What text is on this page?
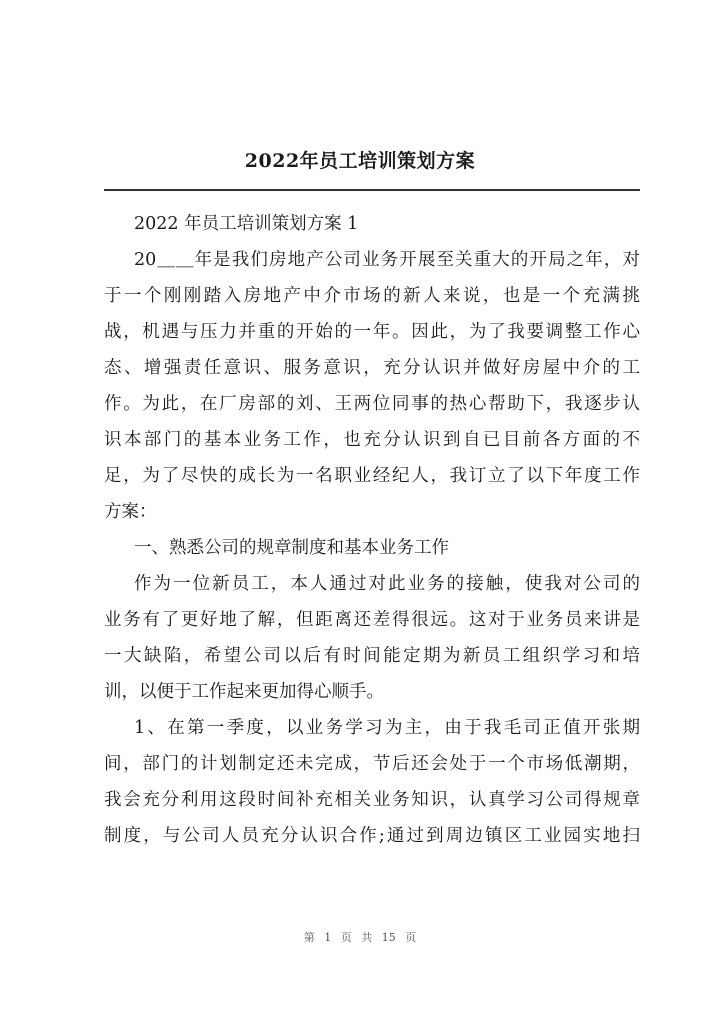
2022年员工培训策划方案
2022 年员工培训策划方案 1
20＿＿年是我们房地产公司业务开展至关重大的开局之年，对
于一个刚刚踏入房地产中介市场的新人来说，也是一个充满挑
战，机遇与压力并重的开始的一年。因此，为了我要调整工作心
态、增强责任意识、服务意识，充分认识并做好房屋中介的工
作。为此，在厂房部的刘、王两位同事的热心帮助下，我逐步认
识本部门的基本业务工作，也充分认识到自已目前各方面的不
足，为了尽快的成长为一名职业经纪人，我订立了以下年度工作
方案：
一、熟悉公司的规章制度和基本业务工作
作为一位新员工，本人通过对此业务的接触，使我对公司的
业务有了更好地了解，但距离还差得很远。这对于业务员来讲是
一大缺陷，希望公司以后有时间能定期为新员工组织学习和培
训，以便于工作起来更加得心顺手。
1、在第一季度，以业务学习为主，由于我毛司正值开张期
间，部门的计划制定还未完成，节后还会处于一个市场低潮期，
我会充分利用这段时间补充相关业务知识，认真学习公司得规章
制度，与公司人员充分认识合作;通过到周边镇区工业园实地扫
第 1 页 共 15 页
